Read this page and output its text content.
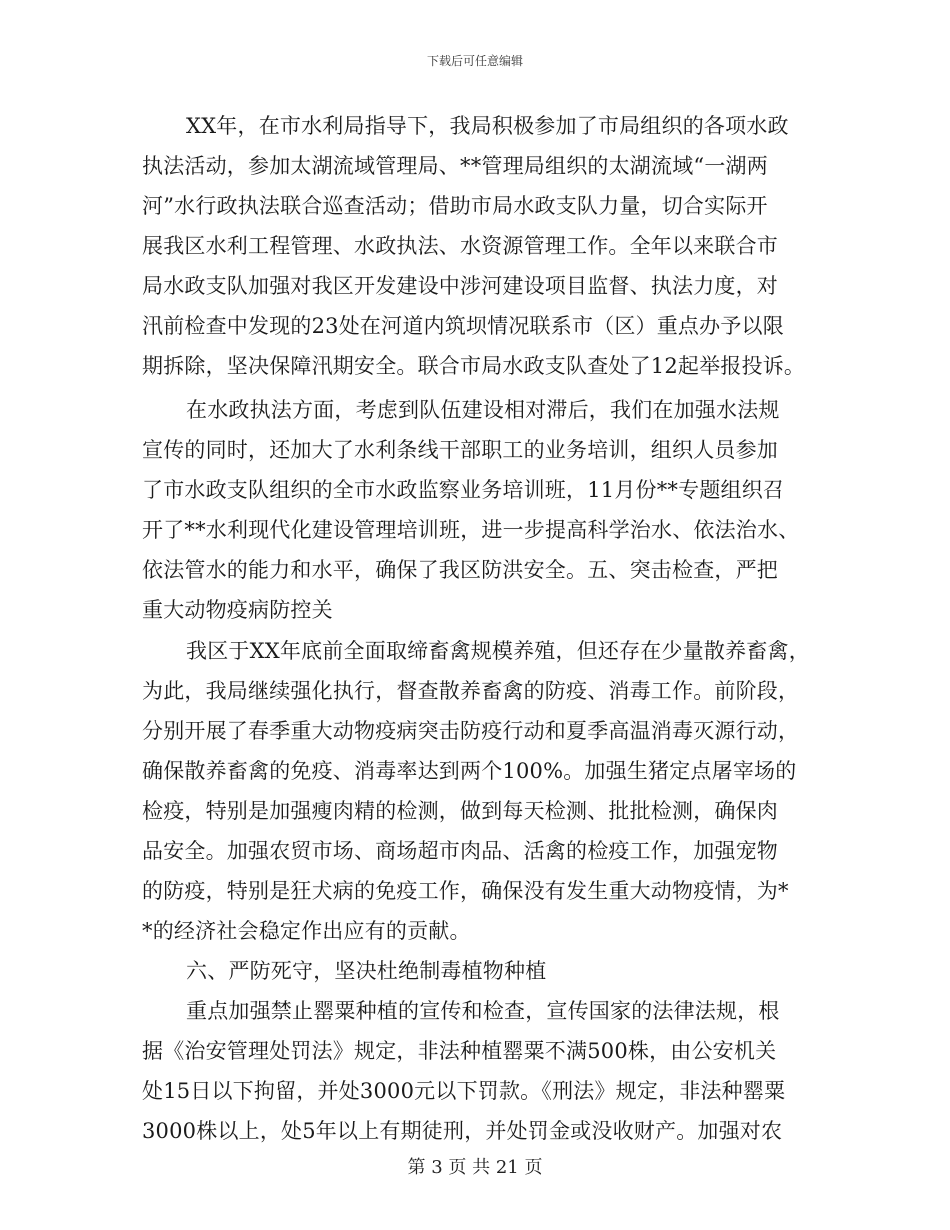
下载后可任意编辑
XX年，在市水利局指导下，我局积极参加了市局组织的各项水政
执法活动，参加太湖流域管理局、**管理局组织的太湖流域“一湖两
河”水行政执法联合巡查活动；借助市局水政支队力量，切合实际开
展我区水利工程管理、水政执法、水资源管理工作。全年以来联合市
局水政支队加强对我区开发建设中涉河建设项目监督、执法力度，对
汛前检查中发现的23处在河道内筑坝情况联系市（区）重点办予以限
期拆除，坚决保障汛期安全。联合市局水政支队查处了12起举报投诉。
在水政执法方面，考虑到队伍建设相对滞后，我们在加强水法规
宣传的同时，还加大了水利条线干部职工的业务培训，组织人员参加
了市水政支队组织的全市水政监察业务培训班，11月份**专题组织召
开了**水利现代化建设管理培训班，进一步提高科学治水、依法治水、
依法管水的能力和水平，确保了我区防洪安全。五、突击检查，严把
重大动物疫病防控关
我区于XX年底前全面取缔畜禽规模养殖，但还存在少量散养畜禽，
为此，我局继续强化执行，督查散养畜禽的防疫、消毒工作。前阶段，
分别开展了春季重大动物疫病突击防疫行动和夏季高温消毒灭源行动，
确保散养畜禽的免疫、消毒率达到两个100%。加强生猪定点屠宰场的
检疫，特别是加强瘦肉精的检测，做到每天检测、批批检测，确保肉
品安全。加强农贸市场、商场超市肉品、活禽的检疫工作，加强宠物
的防疫，特别是狂犬病的免疫工作，确保没有发生重大动物疫情，为*
*的经济社会稳定作出应有的贡献。
六、严防死守，坚决杜绝制毒植物种植
重点加强禁止罂粟种植的宣传和检查，宣传国家的法律法规，根
据《治安管理处罚法》规定，非法种植罂粟不满500株，由公安机关
处15日以下拘留，并处3000元以下罚款。《刑法》规定，非法种罂粟
3000株以上，处5年以上有期徒刑，并处罚金或没收财产。加强对农
第 3 页 共 21 页
